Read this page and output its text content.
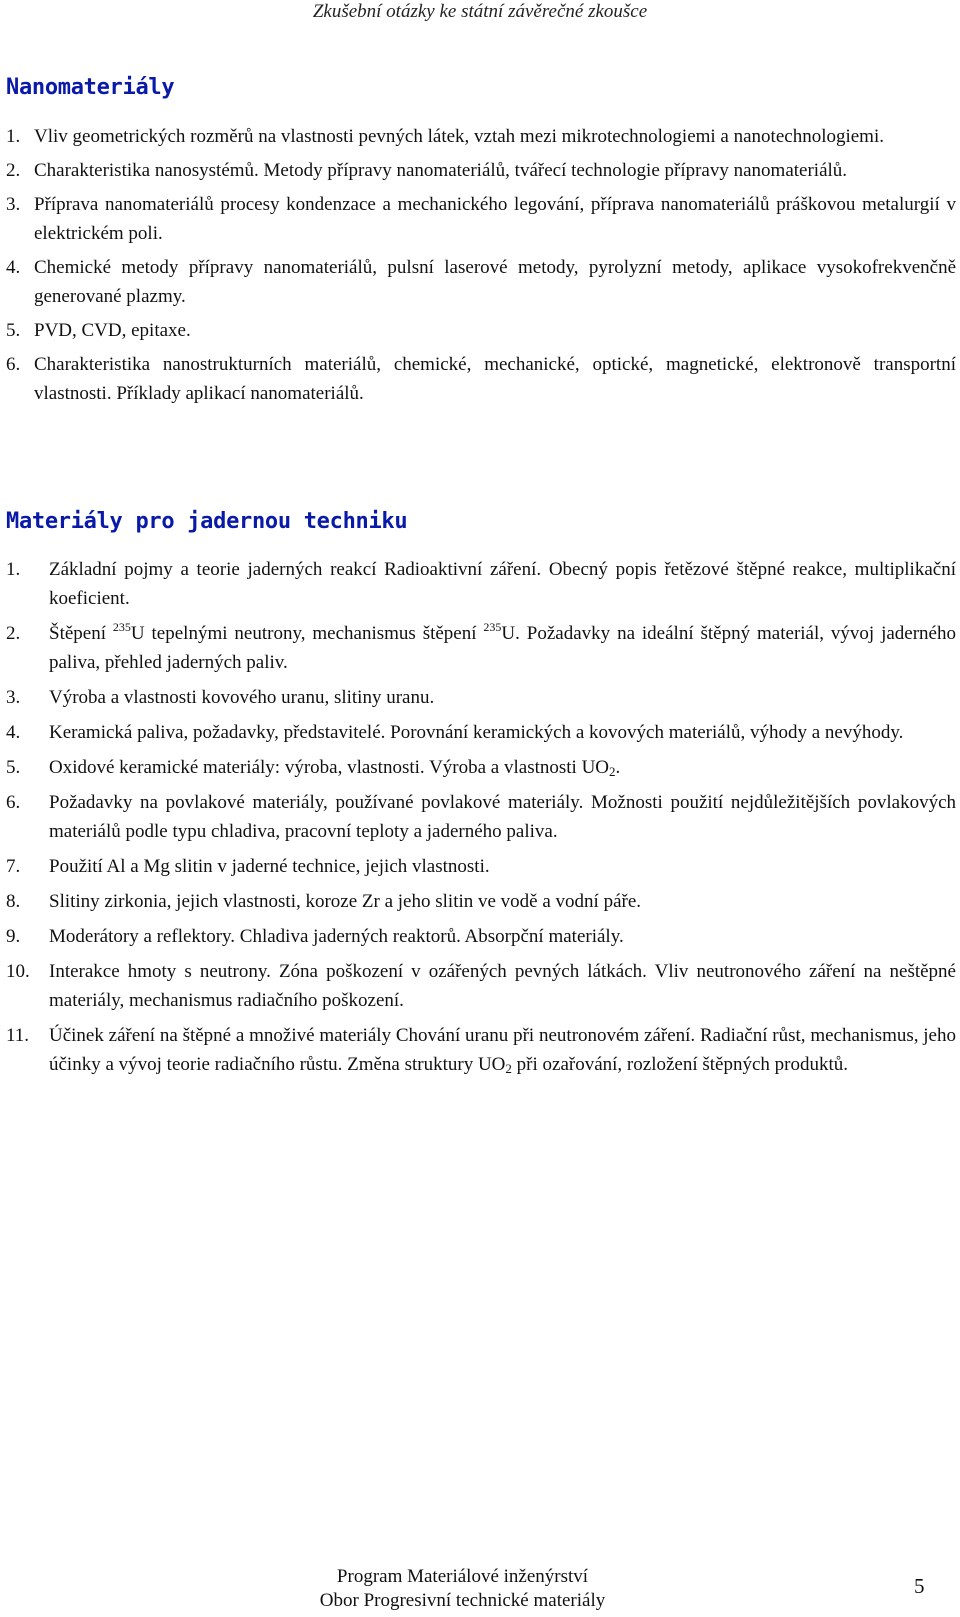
Zkušební otázky ke státní závěrečné zkoušce
Nanomateriály
1. Vliv geometrických rozměrů na vlastnosti pevných látek, vztah mezi mikrotechnologiemi a nanotechnologiemi.
2. Charakteristika nanosystémů. Metody přípravy nanomateriálů, tvářecí technologie přípravy nanomateriálů.
3. Příprava nanomateriálů procesy kondenzace a mechanického legování, příprava nanomateriálů práškovou metalurgií v elektrickém poli.
4. Chemické metody přípravy nanomateriálů, pulsní laserové metody, pyrolyzní metody, aplikace vysokofrekvenčně generované plazmy.
5. PVD, CVD, epitaxe.
6. Charakteristika nanostrukturních materiálů, chemické, mechanické, optické, magnetické, elektronově transportní vlastnosti. Příklady aplikací nanomateriálů.
Materiály pro jadernou techniku
1.	Základní pojmy a teorie jaderných reakcí Radioaktivní záření. Obecný popis řetězové štěpné reakce, multiplikační koeficient.
2.	Štěpení $^{235}$U tepelnými neutrony, mechanismus štěpení $^{235}$U. Požadavky na ideální štěpný materiál, vývoj jaderného paliva, přehled jaderných paliv.
3.	Výroba a vlastnosti kovového uranu, slitiny uranu.
4.	Keramická paliva, požadavky, představitelé. Porovnání keramických a kovových materiálů, výhody a nevýhody.
5.	Oxidové keramické materiály: výroba, vlastnosti. Výroba a vlastnosti $UO_2$.
6.	Požadavky na povlakové materiály, používané povlakové materiály. Možnosti použití nejdůležitějších povlakových materiálů podle typu chladiva, pracovní teploty a jaderného paliva.
7.	Použití Al a Mg slitin v jaderné technice, jejich vlastnosti.
8.	Slitiny zirkonia, jejich vlastnosti, koroze Zr a jeho slitin ve vodě a vodní páře.
9.	Moderátory a reflektory. Chladiva jaderných reaktorů. Absorpční materiály.
10.	Interakce hmoty s neutrony. Zóna poškození v ozářených pevných látkách. Vliv neutronového záření na neštěpné materiály, mechanismus radiačního poškození.
11.	Účinek záření na štěpné a množivé materiály Chování uranu při neutronovém záření. Radiační růst, mechanismus, jeho účinky a vývoj teorie radiačního růstu. Změna struktury $UO_2$ při ozařování, rozložení štěpných produktů.
Program Materiálové inženýrství
Obor Progresivní technické materiály
5
